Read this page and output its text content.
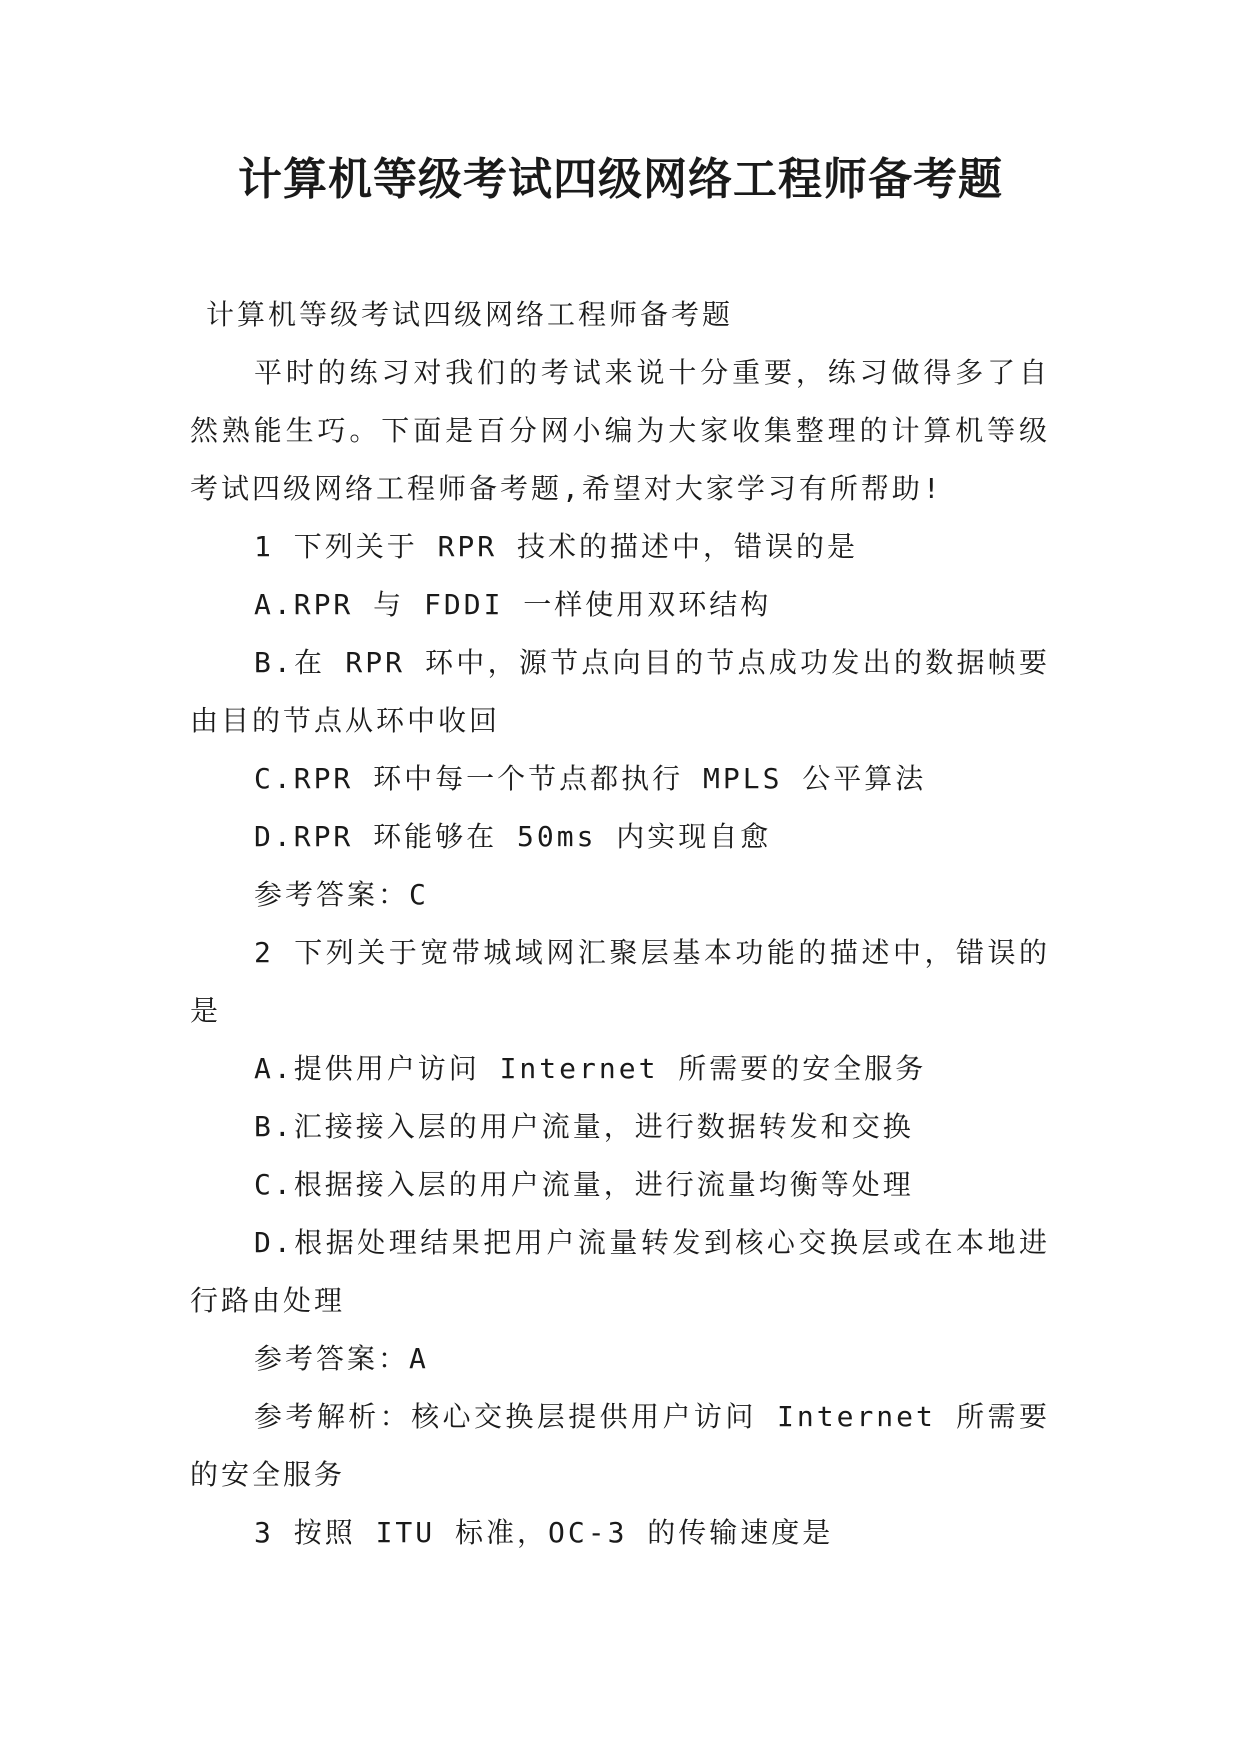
计算机等级考试四级网络工程师备考题

计算机等级考试四级网络工程师备考题

平时的练习对我们的考试来说十分重要，练习做得多了自然熟能生巧。下面是百分网小编为大家收集整理的计算机等级考试四级网络工程师备考题,希望对大家学习有所帮助!

1 下列关于 RPR 技术的描述中，错误的是

A.RPR 与 FDDI 一样使用双环结构

B.在 RPR 环中，源节点向目的节点成功发出的数据帧要由目的节点从环中收回

C.RPR 环中每一个节点都执行 MPLS 公平算法

D.RPR 环能够在 50ms 内实现自愈

参考答案：C

2 下列关于宽带城域网汇聚层基本功能的描述中，错误的是

A.提供用户访问 Internet 所需要的安全服务

B.汇接接入层的用户流量，进行数据转发和交换

C.根据接入层的用户流量，进行流量均衡等处理

D.根据处理结果把用户流量转发到核心交换层或在本地进行路由处理

参考答案：A

参考解析：核心交换层提供用户访问 Internet 所需要的安全服务

3 按照 ITU 标准，OC-3 的传输速度是
